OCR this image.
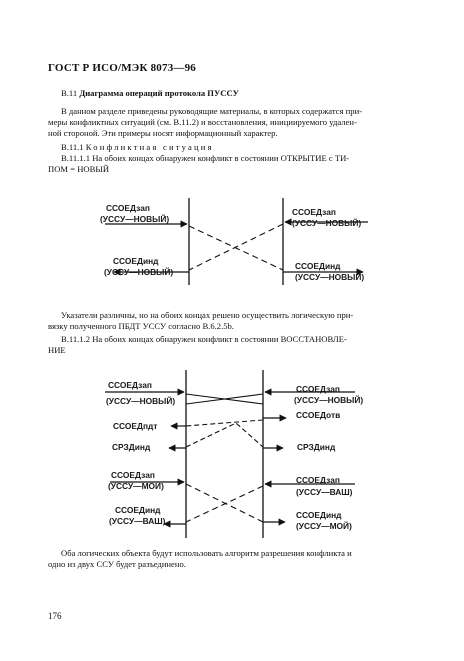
ГОСТ Р ИСО/МЭК 8073—96
В.11 Диаграмма операций протокола ПУССУ
В данном разделе приведены руководящие материалы, в которых содержатся при-
меры конфликтных ситуаций (см. В.11.2) и восстановления, инициируемого удален-
ной стороной. Эти примеры носят информационный характер.
В.11.1 Конфликтная ситуация
В.11.1.1 На обоих концах обнаружен конфликт в состоянии ОТКРЫТИЕ с ТИ-
ПОМ = НОВЫЙ
ССОЕДзап
(УССУ—НОВЫЙ)
ССОЕДзап
(УССУ—НОВЫЙ)
ССОЕДинд
(УССУ—НОВЫЙ)
ССОЕДинд
(УССУ—НОВЫЙ)
Указатели различны, но на обоих концах решено осуществить логическую при-
вязку полученного ПБДТ УССУ согласно В.6.2.5b.
В.11.1.2 На обоих концах обнаружен конфликт в состоянии ВОССТАНОВЛЕ-
НИЕ
ССОЕДзап
(УССУ—НОВЫЙ)
ССОЕДзап
(УССУ—НОВЫЙ)
ССОЕДотв
ССОЕДпдт
СРЗДинд	СРЗДинд
ССОЕДзап
(УССУ—МОЙ)
ССОЕДзап
(УССУ—ВАШ)
ССОЕДинд
(УССУ—ВАШ)
ССОЕДинд
(УССУ—МОЙ)
Оба логических объекта будут использовать алгоритм разрешения конфликта и
одно из двух ССУ будет разъединено.
176
